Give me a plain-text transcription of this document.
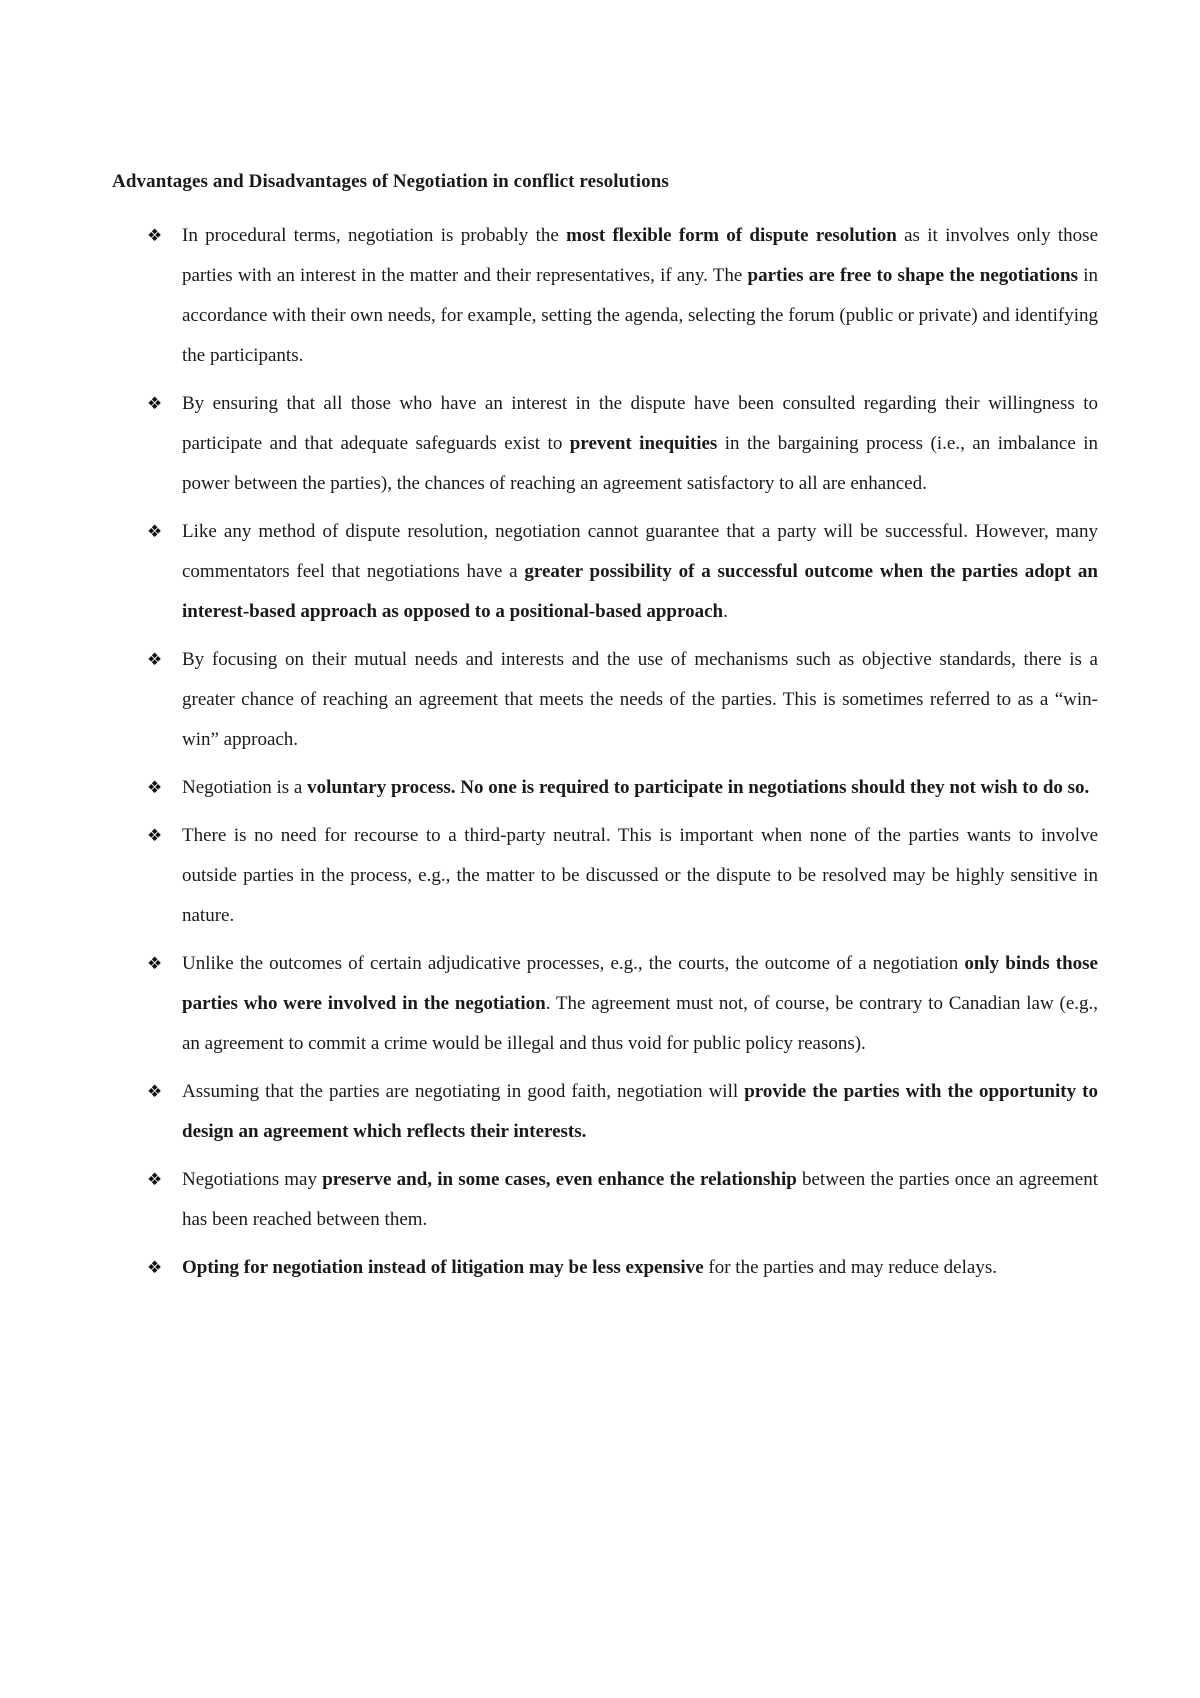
Advantages and Disadvantages of Negotiation in conflict resolutions
❖	In procedural terms, negotiation is probably the most flexible form of dispute resolution as it involves only those parties with an interest in the matter and their representatives, if any. The parties are free to shape the negotiations in accordance with their own needs, for example, setting the agenda, selecting the forum (public or private) and identifying the participants.
❖	By ensuring that all those who have an interest in the dispute have been consulted regarding their willingness to participate and that adequate safeguards exist to prevent inequities in the bargaining process (i.e., an imbalance in power between the parties), the chances of reaching an agreement satisfactory to all are enhanced.
❖	Like any method of dispute resolution, negotiation cannot guarantee that a party will be successful. However, many commentators feel that negotiations have a greater possibility of a successful outcome when the parties adopt an interest-based approach as opposed to a positional-based approach.
❖	By focusing on their mutual needs and interests and the use of mechanisms such as objective standards, there is a greater chance of reaching an agreement that meets the needs of the parties. This is sometimes referred to as a “win-win” approach.
❖	Negotiation is a voluntary process. No one is required to participate in negotiations should they not wish to do so.
❖	There is no need for recourse to a third-party neutral. This is important when none of the parties wants to involve outside parties in the process, e.g., the matter to be discussed or the dispute to be resolved may be highly sensitive in nature.
❖	Unlike the outcomes of certain adjudicative processes, e.g., the courts, the outcome of a negotiation only binds those parties who were involved in the negotiation. The agreement must not, of course, be contrary to Canadian law (e.g., an agreement to commit a crime would be illegal and thus void for public policy reasons).
❖	Assuming that the parties are negotiating in good faith, negotiation will provide the parties with the opportunity to design an agreement which reflects their interests.
❖	Negotiations may preserve and, in some cases, even enhance the relationship between the parties once an agreement has been reached between them.
❖	Opting for negotiation instead of litigation may be less expensive for the parties and may reduce delays.
